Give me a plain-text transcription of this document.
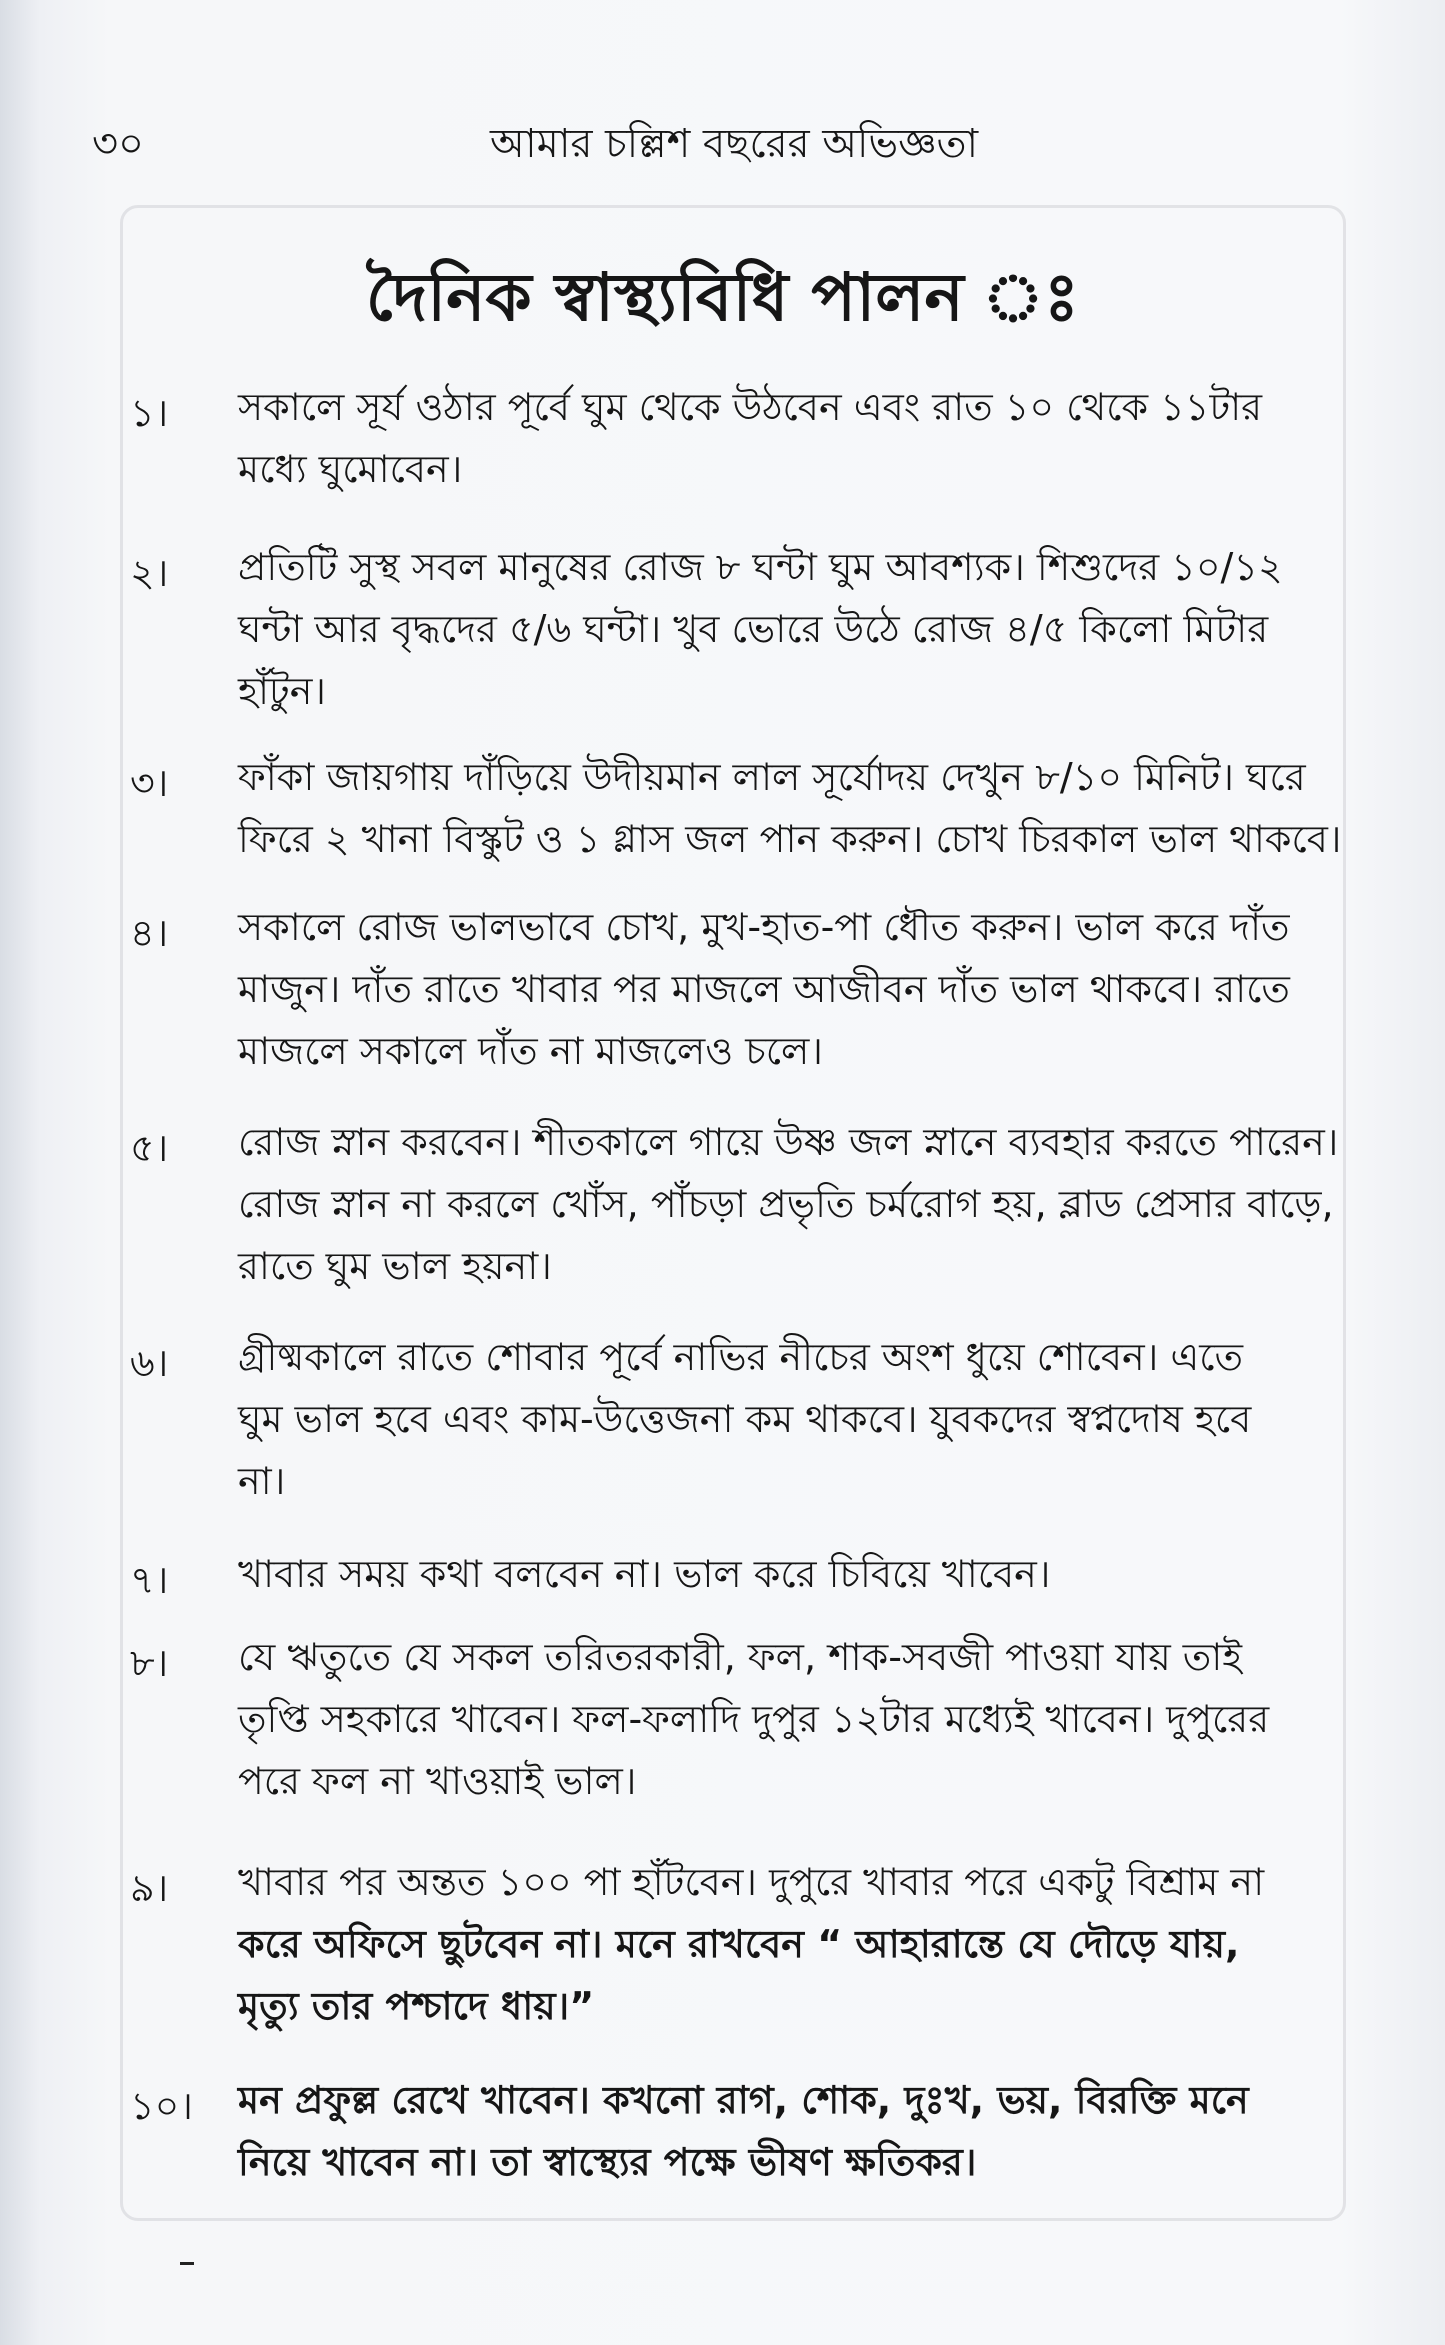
৩০	আমার চল্লিশ বছরের অভিজ্ঞতা
দৈনিক স্বাস্থ্যবিধি পালন ঃ
১।	সকালে সূর্য ওঠার পূর্বে ঘুম থেকে উঠবেন এবং রাত ১০ থেকে ১১টার
মধ্যে ঘুমোবেন।
২।	প্রতিটি সুস্থ সবল মানুষের রোজ ৮ ঘন্টা ঘুম আবশ্যক। শিশুদের ১০/১২
ঘন্টা আর বৃদ্ধদের ৫/৬ ঘন্টা। খুব ভোরে উঠে রোজ ৪/৫ কিলো মিটার
হাঁটুন।
৩।	ফাঁকা জায়গায় দাঁড়িয়ে উদীয়মান লাল সূর্যোদয় দেখুন ৮/১০ মিনিট। ঘরে
ফিরে ২ খানা বিস্কুট ও ১ গ্লাস জল পান করুন। চোখ চিরকাল ভাল থাকবে।
৪।	সকালে রোজ ভালভাবে চোখ, মুখ-হাত-পা ধৌত করুন। ভাল করে দাঁত
মাজুন। দাঁত রাতে খাবার পর মাজলে আজীবন দাঁত ভাল থাকবে। রাতে
মাজলে সকালে দাঁত না মাজলেও চলে।
৫।	রোজ স্নান করবেন। শীতকালে গায়ে উষ্ণ জল স্নানে ব্যবহার করতে পারেন।
রোজ স্নান না করলে খোঁস, পাঁচড়া প্রভৃতি চর্মরোগ হয়, ব্লাড প্রেসার বাড়ে,
রাতে ঘুম ভাল হয়না।
৬।	গ্রীষ্মকালে রাতে শোবার পূর্বে নাভির নীচের অংশ ধুয়ে শোবেন। এতে
ঘুম ভাল হবে এবং কাম-উত্তেজনা কম থাকবে। যুবকদের স্বপ্নদোষ হবে
না।
৭।	খাবার সময় কথা বলবেন না। ভাল করে চিবিয়ে খাবেন।
৮।	যে ঋতুতে যে সকল তরিতরকারী, ফল, শাক-সবজী পাওয়া যায় তাই
তৃপ্তি সহকারে খাবেন। ফল-ফলাদি দুপুর ১২টার মধ্যেই খাবেন। দুপুরের
পরে ফল না খাওয়াই ভাল।
৯।	খাবার পর অন্তত ১০০ পা হাঁটবেন। দুপুরে খাবার পরে একটু বিশ্রাম না
করে অফিসে ছুটবেন না। মনে রাখবেন “ আহারান্তে যে দৌড়ে যায়,
মৃত্যু তার পশ্চাদে ধায়।”
১০।	মন প্রফুল্ল রেখে খাবেন। কখনো রাগ, শোক, দুঃখ, ভয়, বিরক্তি মনে
নিয়ে খাবেন না। তা স্বাস্থ্যের পক্ষে ভীষণ ক্ষতিকর।
